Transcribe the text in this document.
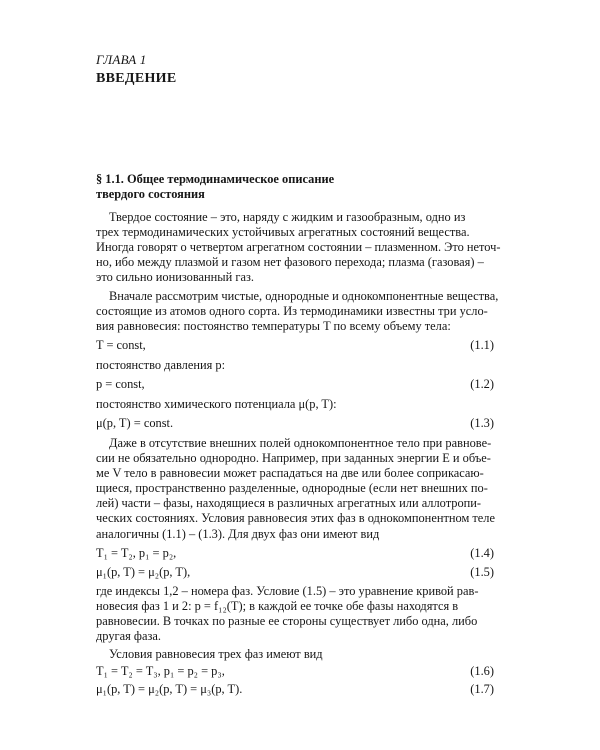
ГЛАВА 1
ВВЕДЕНИЕ
§ 1.1. Общее термодинамическое описание
твердого состояния
Твердое состояние – это, наряду с жидким и газообразным, одно из
трех термодинамических устойчивых агрегатных состояний вещества.
Иногда говорят о четвертом агрегатном состоянии – плазменном. Это неточ-
но, ибо между плазмой и газом нет фазового перехода; плазма (газовая) –
это сильно ионизованный газ.
Вначале рассмотрим чистые, однородные и однокомпонентные вещества,
состоящие из атомов одного сорта. Из термодинамики известны три усло-
вия равновесия: постоянство температуры T по всему объему тела:
T = const,	(1.1)
постоянство давления p:
p = const,	(1.2)
постоянство химического потенциала μ(p, T):
μ(p, T) = const.	(1.3)
Даже в отсутствие внешних полей однокомпонентное тело при равнове-
сии не обязательно однородно. Например, при заданных энергии E и объе-
ме V тело в равновесии может распадаться на две или более соприкасаю-
щиеся, пространственно разделенные, однородные (если нет внешних по-
лей) части – фазы, находящиеся в различных агрегатных или аллотропи-
ческих состояниях. Условия равновесия этих фаз в однокомпонентном теле
аналогичны (1.1) – (1.3). Для двух фаз они имеют вид
T₁ = T₂, p₁ = p₂,	(1.4)
μ₁(p, T) = μ₂(p, T),	(1.5)
где индексы 1,2 – номера фаз. Условие (1.5) – это уравнение кривой рав-
новесия фаз 1 и 2: p = f₁₂(T); в каждой ее точке обе фазы находятся в
равновесии. В точках по разные ее стороны существует либо одна, либо
другая фаза.
Условия равновесия трех фаз имеют вид
T₁ = T₂ = T₃, p₁ = p₂ = p₃,	(1.6)
μ₁(p, T) = μ₂(p, T) = μ₃(p, T).	(1.7)
